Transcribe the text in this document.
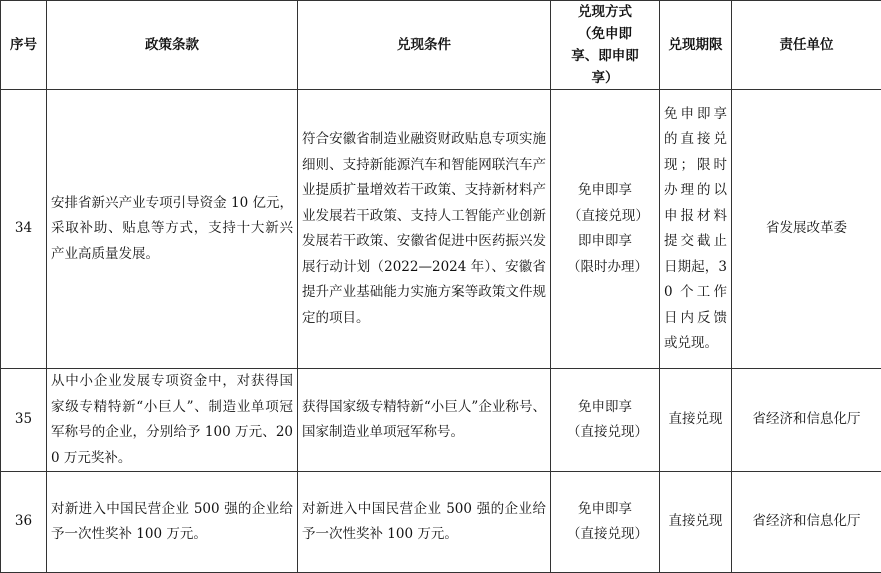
序号	政策条款	兑现条件	兑现方式（免申即享、即申即享）	兑现期限	责任单位
34	安排省新兴产业专项引导资金 10 亿元，采取补助、贴息等方式，支持十大新兴产业高质量发展。	符合安徽省制造业融资财政贴息专项实施细则、支持新能源汽车和智能网联汽车产业提质扩量增效若干政策、支持新材料产业发展若干政策、支持人工智能产业创新发展若干政策、安徽省促进中医药振兴发展行动计划（2022—2024 年）、安徽省提升产业基础能力实施方案等政策文件规定的项目。	免申即享（直接兑现）即申即享（限时办理）	免申即享的直接兑现；限时办理的以申报材料提交截止日期起，30 个工作日内反馈或兑现。	省发展改革委
35	从中小企业发展专项资金中，对获得国家级专精特新“小巨人”、制造业单项冠军称号的企业，分别给予 100 万元、200 万元奖补。	获得国家级专精特新“小巨人”企业称号、国家制造业单项冠军称号。	免申即享（直接兑现）	直接兑现	省经济和信息化厅
36	对新进入中国民营企业 500 强的企业给予一次性奖补 100 万元。	对新进入中国民营企业 500 强的企业给予一次性奖补 100 万元。	免申即享（直接兑现）	直接兑现	省经济和信息化厅
